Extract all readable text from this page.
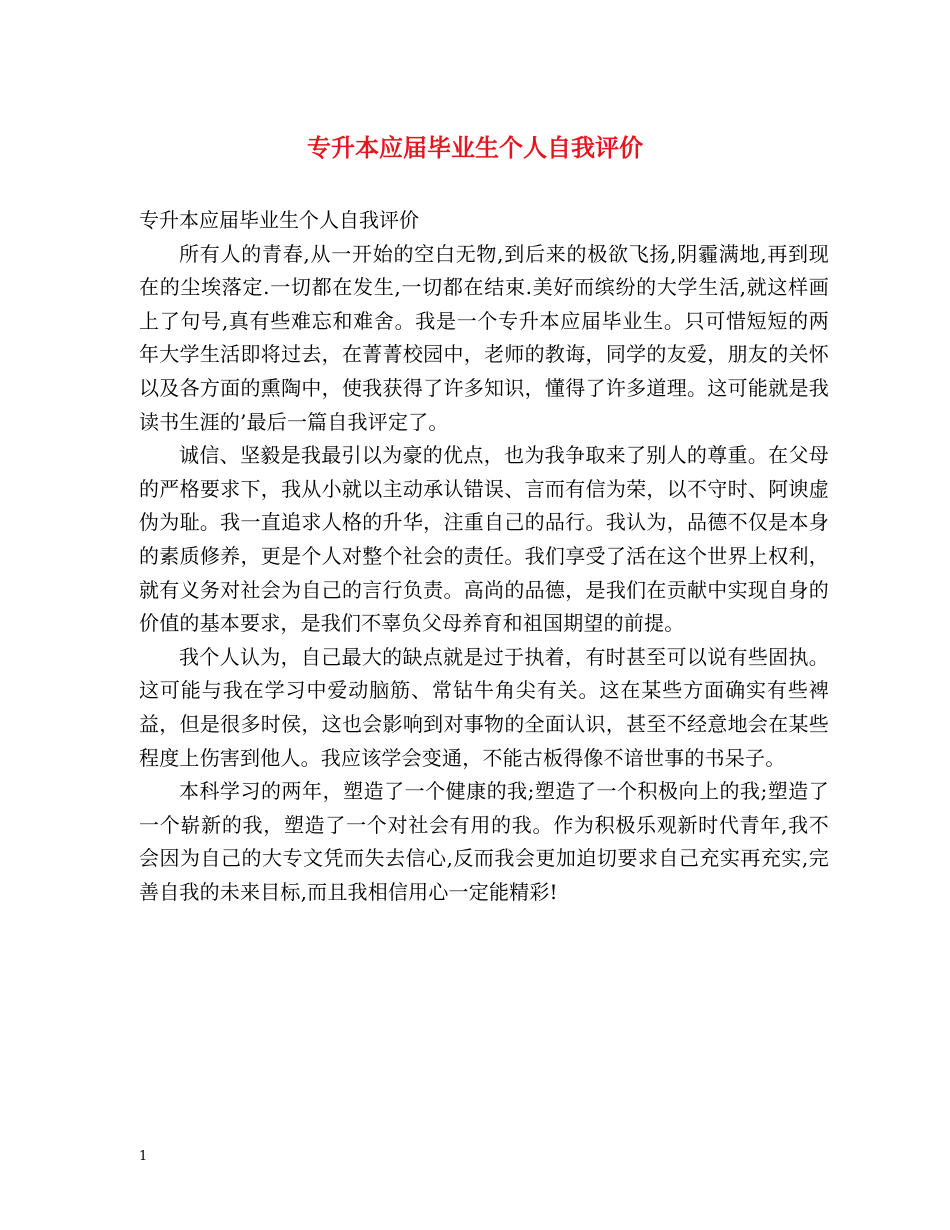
专升本应届毕业生个人自我评价

专升本应届毕业生个人自我评价

所有人的青春,从一开始的空白无物,到后来的极欲飞扬,阴霾满地,再到现在的尘埃落定.一切都在发生,一切都在结束.美好而缤纷的大学生活,就这样画上了句号,真有些难忘和难舍。我是一个专升本应届毕业生。只可惜短短的两年大学生活即将过去，在菁菁校园中，老师的教诲，同学的友爱，朋友的关怀以及各方面的熏陶中，使我获得了许多知识，懂得了许多道理。这可能就是我读书生涯的’最后一篇自我评定了。

诚信、坚毅是我最引以为豪的优点，也为我争取来了别人的尊重。在父母的严格要求下，我从小就以主动承认错误、言而有信为荣，以不守时、阿谀虚伪为耻。我一直追求人格的升华，注重自己的品行。我认为，品德不仅是本身的素质修养，更是个人对整个社会的责任。我们享受了活在这个世界上权利，就有义务对社会为自己的言行负责。高尚的品德，是我们在贡献中实现自身的价值的基本要求，是我们不辜负父母养育和祖国期望的前提。

我个人认为，自己最大的缺点就是过于执着，有时甚至可以说有些固执。这可能与我在学习中爱动脑筋、常钻牛角尖有关。这在某些方面确实有些裨益，但是很多时侯，这也会影响到对事物的全面认识，甚至不经意地会在某些程度上伤害到他人。我应该学会变通，不能古板得像不谙世事的书呆子。

本科学习的两年，塑造了一个健康的我;塑造了一个积极向上的我;塑造了一个崭新的我，塑造了一个对社会有用的我。作为积极乐观新时代青年,我不会因为自己的大专文凭而失去信心,反而我会更加迫切要求自己充实再充实,完善自我的未来目标,而且我相信用心一定能精彩!

1
